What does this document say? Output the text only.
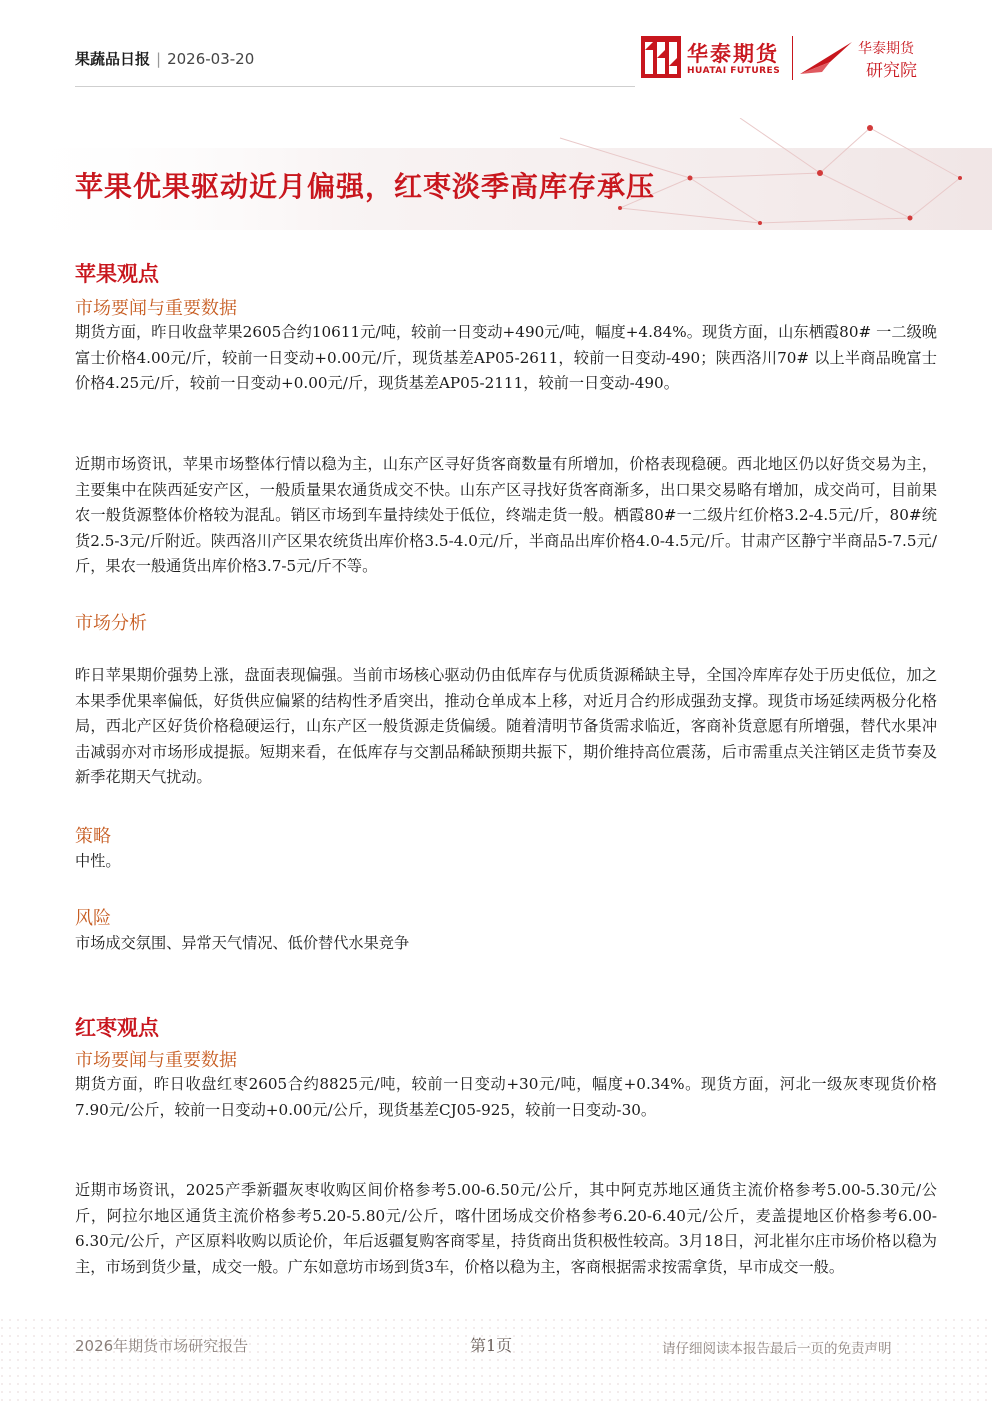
果蔬品日报 | 2026-03-20	华泰期货
HUATAI FUTURES
华泰期货
研究院
苹果优果驱动近月偏强，红枣淡季高库存承压
苹果观点
市场要闻与重要数据

期货方面，昨日收盘苹果2605合约10611元/吨，较前一日变动+490元/吨，幅度+4.84%。现货方面，山东栖霞80# 一二级晚富士价格4.00元/斤，较前一日变动+0.00元/斤，现货基差AP05-2611，较前一日变动-490；陕西洛川70# 以上半商品晚富士价格4.25元/斤，较前一日变动+0.00元/斤，现货基差AP05-2111，较前一日变动-490。

近期市场资讯，苹果市场整体行情以稳为主，山东产区寻好货客商数量有所增加，价格表现稳硬。西北地区仍以好货交易为主，主要集中在陕西延安产区，一般质量果农通货成交不快。山东产区寻找好货客商渐多，出口果交易略有增加，成交尚可，目前果农一般货源整体价格较为混乱。销区市场到车量持续处于低位，终端走货一般。栖霞80#一二级片红价格3.2-4.5元/斤，80#统货2.5-3元/斤附近。陕西洛川产区果农统货出库价格3.5-4.0元/斤，半商品出库价格4.0-4.5元/斤。甘肃产区静宁半商品5-7.5元/斤，果农一般通货出库价格3.7-5元/斤不等。

市场分析

昨日苹果期价强势上涨，盘面表现偏强。当前市场核心驱动仍由低库存与优质货源稀缺主导，全国冷库库存处于历史低位，加之本果季优果率偏低，好货供应偏紧的结构性矛盾突出，推动仓单成本上移，对近月合约形成强劲支撑。现货市场延续两极分化格局，西北产区好货价格稳硬运行，山东产区一般货源走货偏缓。随着清明节备货需求临近，客商补货意愿有所增强，替代水果冲击减弱亦对市场形成提振。短期来看，在低库存与交割品稀缺预期共振下，期价维持高位震荡，后市需重点关注销区走货节奏及新季花期天气扰动。

策略

中性。

风险

市场成交氛围、异常天气情况、低价替代水果竞争

红枣观点
市场要闻与重要数据

期货方面，昨日收盘红枣2605合约8825元/吨，较前一日变动+30元/吨，幅度+0.34%。现货方面，河北一级灰枣现货价格7.90元/公斤，较前一日变动+0.00元/公斤，现货基差CJ05-925，较前一日变动-30。

近期市场资讯，2025产季新疆灰枣收购区间价格参考5.00-6.50元/公斤，其中阿克苏地区通货主流价格参考5.00-5.30元/公斤，阿拉尔地区通货主流价格参考5.20-5.80元/公斤，喀什团场成交价格参考6.20-6.40元/公斤，麦盖提地区价格参考6.00-6.30元/公斤，产区原料收购以质论价，年后返疆复购客商零星，持货商出货积极性较高。3月18日，河北崔尔庄市场价格以稳为主，市场到货少量，成交一般。广东如意坊市场到货3车，价格以稳为主，客商根据需求按需拿货，早市成交一般。

2026年期货市场研究报告	第1页	请仔细阅读本报告最后一页的免责声明
